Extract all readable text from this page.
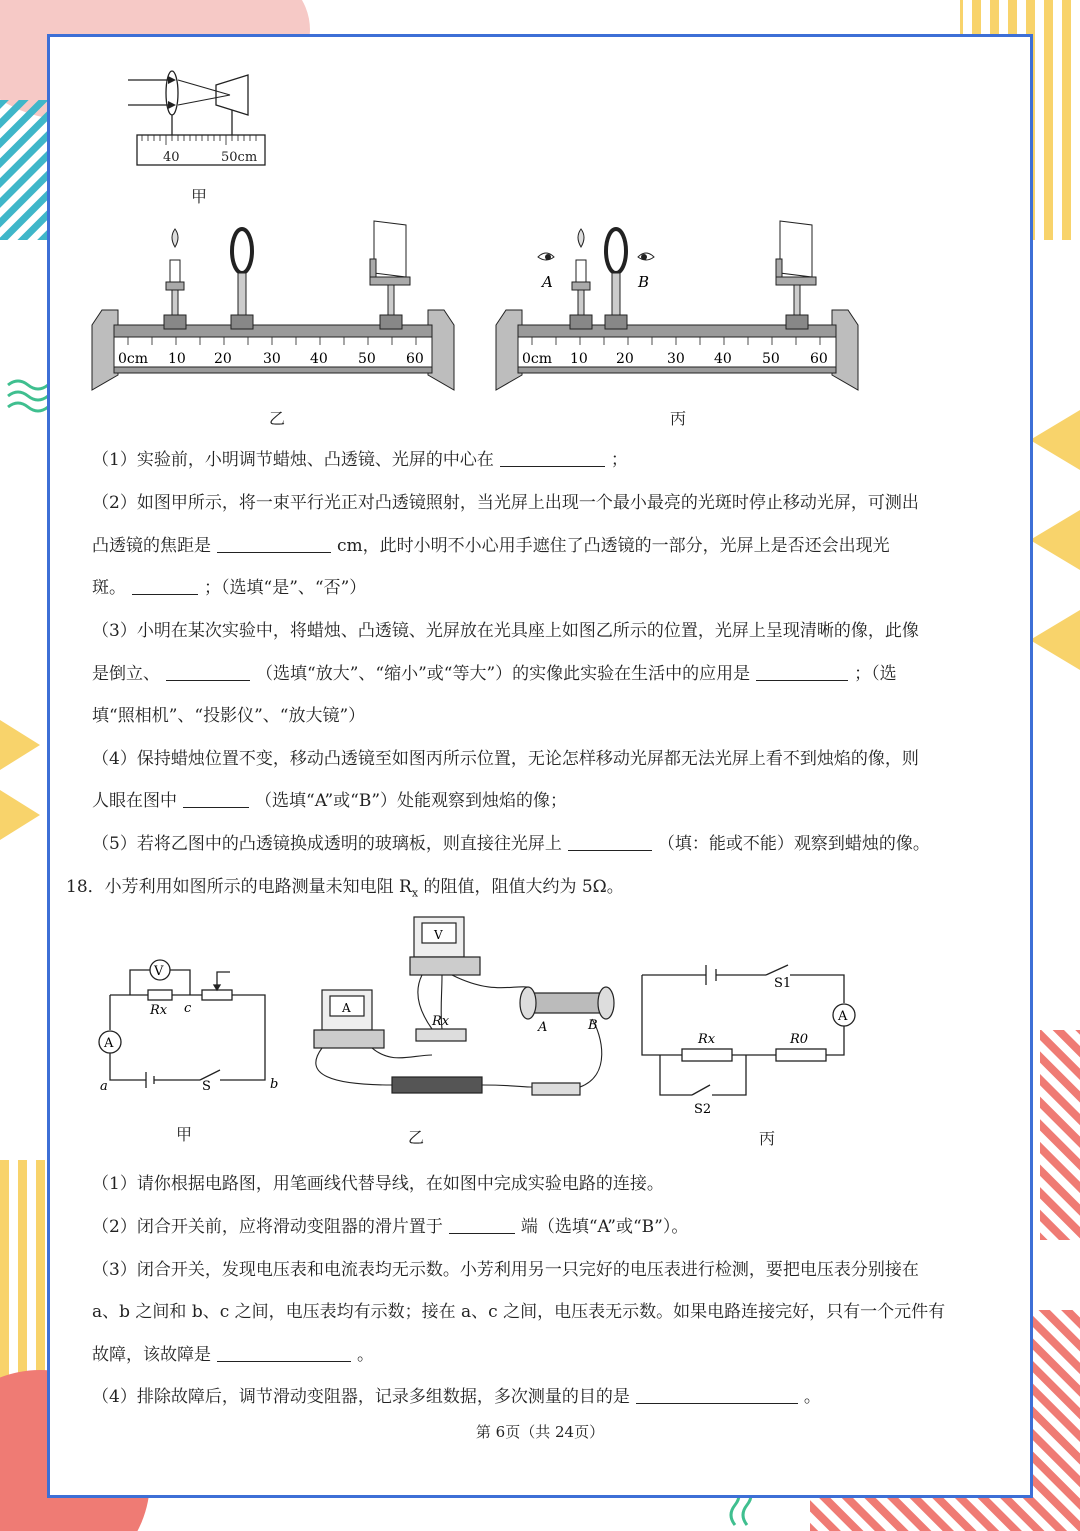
40	50cm
甲
0cm 10 20 30 40 50 60
乙
0cm 10 20 30 40 50 60
A	B
丙
（1）实验前，小明调节蜡烛、凸透镜、光屏的中心在	；
（2）如图甲所示，将一束平行光正对凸透镜照射，当光屏上出现一个最小最亮的光斑时停止移动光屏，可测出
凸透镜的焦距是	cm，此时小明不小心用手遮住了凸透镜的一部分，光屏上是否还会出现光
斑。	；（选填“是”、“否”）
（3）小明在某次实验中，将蜡烛、凸透镜、光屏放在光具座上如图乙所示的位置，光屏上呈现清晰的像，此像
是倒立、	（选填“放大”、“缩小”或“等大”）的实像此实验在生活中的应用是	；（选
填“照相机”、“投影仪”、“放大镜”）
（4）保持蜡烛位置不变，移动凸透镜至如图丙所示位置，无论怎样移动光屏都无法光屏上看不到烛焰的像，则
人眼在图中	（选填“A”或“B”）处能观察到烛焰的像；
（5）若将乙图中的凸透镜换成透明的玻璃板，则直接往光屏上	（填：能或不能）观察到蜡烛的像。
18．小芳利用如图所示的电路测量未知电阻 $R_x$ 的阻值，阻值大约为 5Ω。
V
Rx c
A
a	S	b
甲
V
A
Rx	A	B
乙
S1
A
Rx	R0
S2
丙
（1）请你根据电路图，用笔画线代替导线，在如图中完成实验电路的连接。
（2）闭合开关前，应将滑动变阻器的滑片置于	端（选填“A”或“B”）。
（3）闭合开关，发现电压表和电流表均无示数。小芳利用另一只完好的电压表进行检测，要把电压表分别接在
a、b 之间和 b、c 之间，电压表均有示数；接在 a、c 之间，电压表无示数。如果电路连接完好，只有一个元件有
故障，该故障是	。
（4）排除故障后，调节滑动变阻器，记录多组数据，多次测量的目的是	。
第 6页（共 24页）
